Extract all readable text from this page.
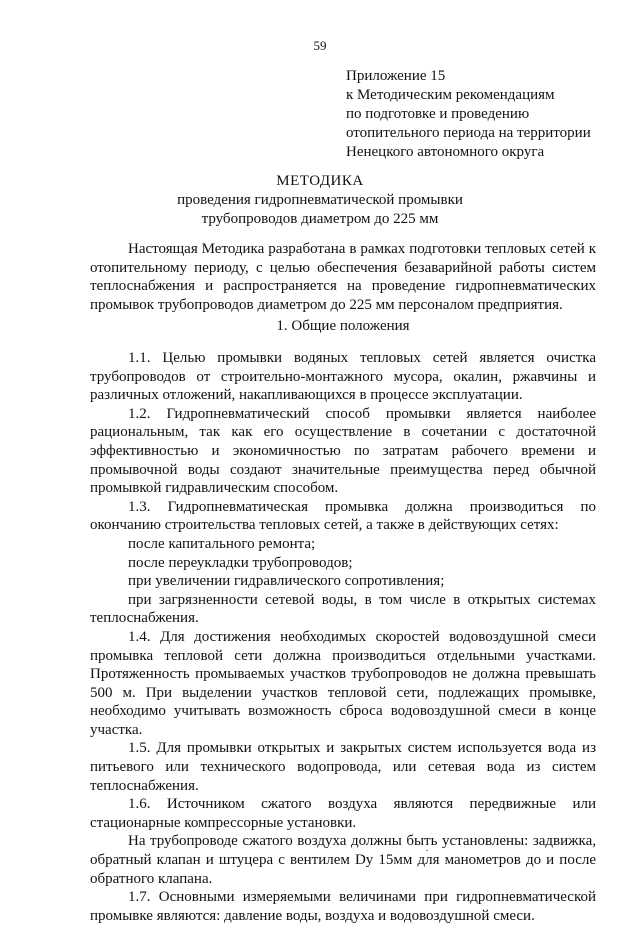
59
Приложение 15
к Методическим рекомендациям
по подготовке и проведению
отопительного периода на территории
Ненецкого автономного округа
МЕТОДИКА
проведения гидропневматической промывки
трубопроводов диаметром до 225 мм

Настоящая Методика разработана в рамках подготовки тепловых сетей к отопительному периоду, с целью обеспечения безаварийной работы систем теплоснабжения и распространяется на проведение гидропневматических промывок трубопроводов диаметром до 225 мм персоналом предприятия.

1. Общие положения

1.1. Целью промывки водяных тепловых сетей является очистка трубопроводов от строительно-монтажного мусора, окалин, ржавчины и различных отложений, накапливающихся в процессе эксплуатации.

1.2. Гидропневматический способ промывки является наиболее рациональным, так как его осуществление в сочетании с достаточной эффективностью и экономичностью по затратам рабочего времени и промывочной воды создают значительные преимущества перед обычной промывкой гидравлическим способом.

1.3. Гидропневматическая промывка должна производиться по окончанию строительства тепловых сетей, а также в действующих сетях:

после капитального ремонта;

после переукладки трубопроводов;

при увеличении гидравлического сопротивления;

при загрязненности сетевой воды, в том числе в открытых системах теплоснабжения.

1.4. Для достижения необходимых скоростей водовоздушной смеси промывка тепловой сети должна производиться отдельными участками. Протяженность промываемых участков трубопроводов не должна превышать 500 м. При выделении участков тепловой сети, подлежащих промывке, необходимо учитывать возможность сброса водовоздушной смеси в конце участка.

1.5. Для промывки открытых и закрытых систем используется вода из питьевого или технического водопровода, или сетевая вода из систем теплоснабжения.

1.6. Источником сжатого воздуха являются передвижные или стационарные компрессорные установки.

На трубопроводе сжатого воздуха должны быть установлены: задвижка, обратный клапан и штуцера с вентилем Dy 15мм для манометров до и после обратного клапана.

1.7. Основными измеряемыми величинами при гидропневматической промывке являются: давление воды, воздуха и водовоздушной смеси.
